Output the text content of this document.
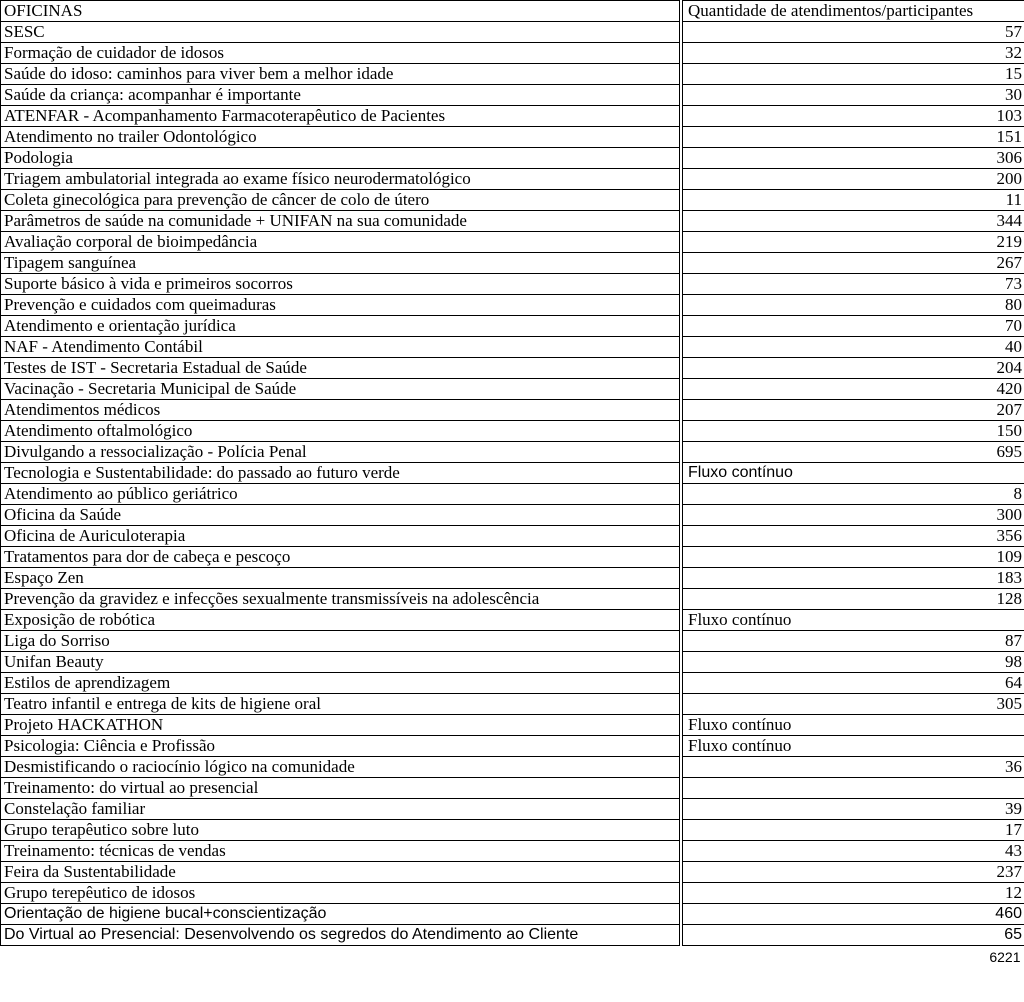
OFICINAS		Quantidade de atendimentos/participantes
SESC		57
Formação de cuidador de idosos		32
Saúde do idoso: caminhos para viver bem a melhor idade		15
Saúde da criança: acompanhar é importante		30
ATENFAR - Acompanhamento Farmacoterapêutico de Pacientes		103
Atendimento no trailer Odontológico		151
Podologia		306
Triagem ambulatorial integrada ao exame físico neurodermatológico		200
Coleta ginecológica para prevenção de câncer de colo de útero		11
Parâmetros de saúde na comunidade + UNIFAN na sua comunidade		344
Avaliação corporal de bioimpedância		219
Tipagem sanguínea		267
Suporte básico à vida e primeiros socorros		73
Prevenção e cuidados com queimaduras		80
Atendimento e orientação jurídica		70
NAF - Atendimento Contábil		40
Testes de IST - Secretaria Estadual de Saúde		204
Vacinação - Secretaria Municipal de Saúde		420
Atendimentos médicos		207
Atendimento oftalmológico		150
Divulgando a ressocialização - Polícia Penal		695
Tecnologia e Sustentabilidade: do passado ao futuro verde		Fluxo contínuo
Atendimento ao público geriátrico		8
Oficina da Saúde		300
Oficina de Auriculoterapia		356
Tratamentos para dor de cabeça e pescoço		109
Espaço Zen		183
Prevenção da gravidez e infecções sexualmente transmissíveis na adolescência		128
Exposição de robótica		Fluxo contínuo
Liga do Sorriso		87
Unifan Beauty		98
Estilos de aprendizagem		64
Teatro infantil e entrega de kits de higiene oral		305
Projeto HACKATHON		Fluxo contínuo
Psicologia: Ciência e Profissão		Fluxo contínuo
Desmistificando o raciocínio lógico na comunidade		36
Treinamento: do virtual ao presencial		
Constelação familiar		39
Grupo terapêutico sobre luto		17
Treinamento: técnicas de vendas		43
Feira da Sustentabilidade		237
Grupo terepêutico de idosos		12
Orientação de higiene bucal+conscientização		460
Do Virtual ao Presencial: Desenvolvendo os segredos do Atendimento ao Cliente		65
		6221
